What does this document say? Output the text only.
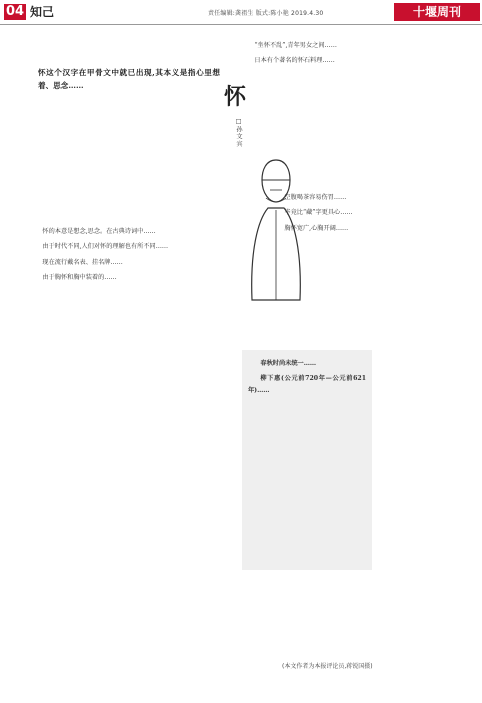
04 知己	责任编辑:龚祖生 版式:陈小艳 2019.4.30	十堰周刊
怀这个汉字在甲骨文中就已出现,其本义是指心里想着、思念……	怀
□孙文宾

怀的本意是想念,思念。在古典诗词中……

由于时代不同,人们对怀的理解也有所不同……

现在流行戴名表、挂名牌……

由于胸怀和胸中装着的……

“坐怀不乱”,青年男女之间……

日本有个著名的怀石料理……

春秋时尚未统一……

柳下惠(公元前720年—公元前621年)……

空腹喝茶容易伤胃……

毕竟比“藏”字更具心……

胸怀宽广,心胸开阔……

(本文作者为本报评论员,蒋锐国摄)
